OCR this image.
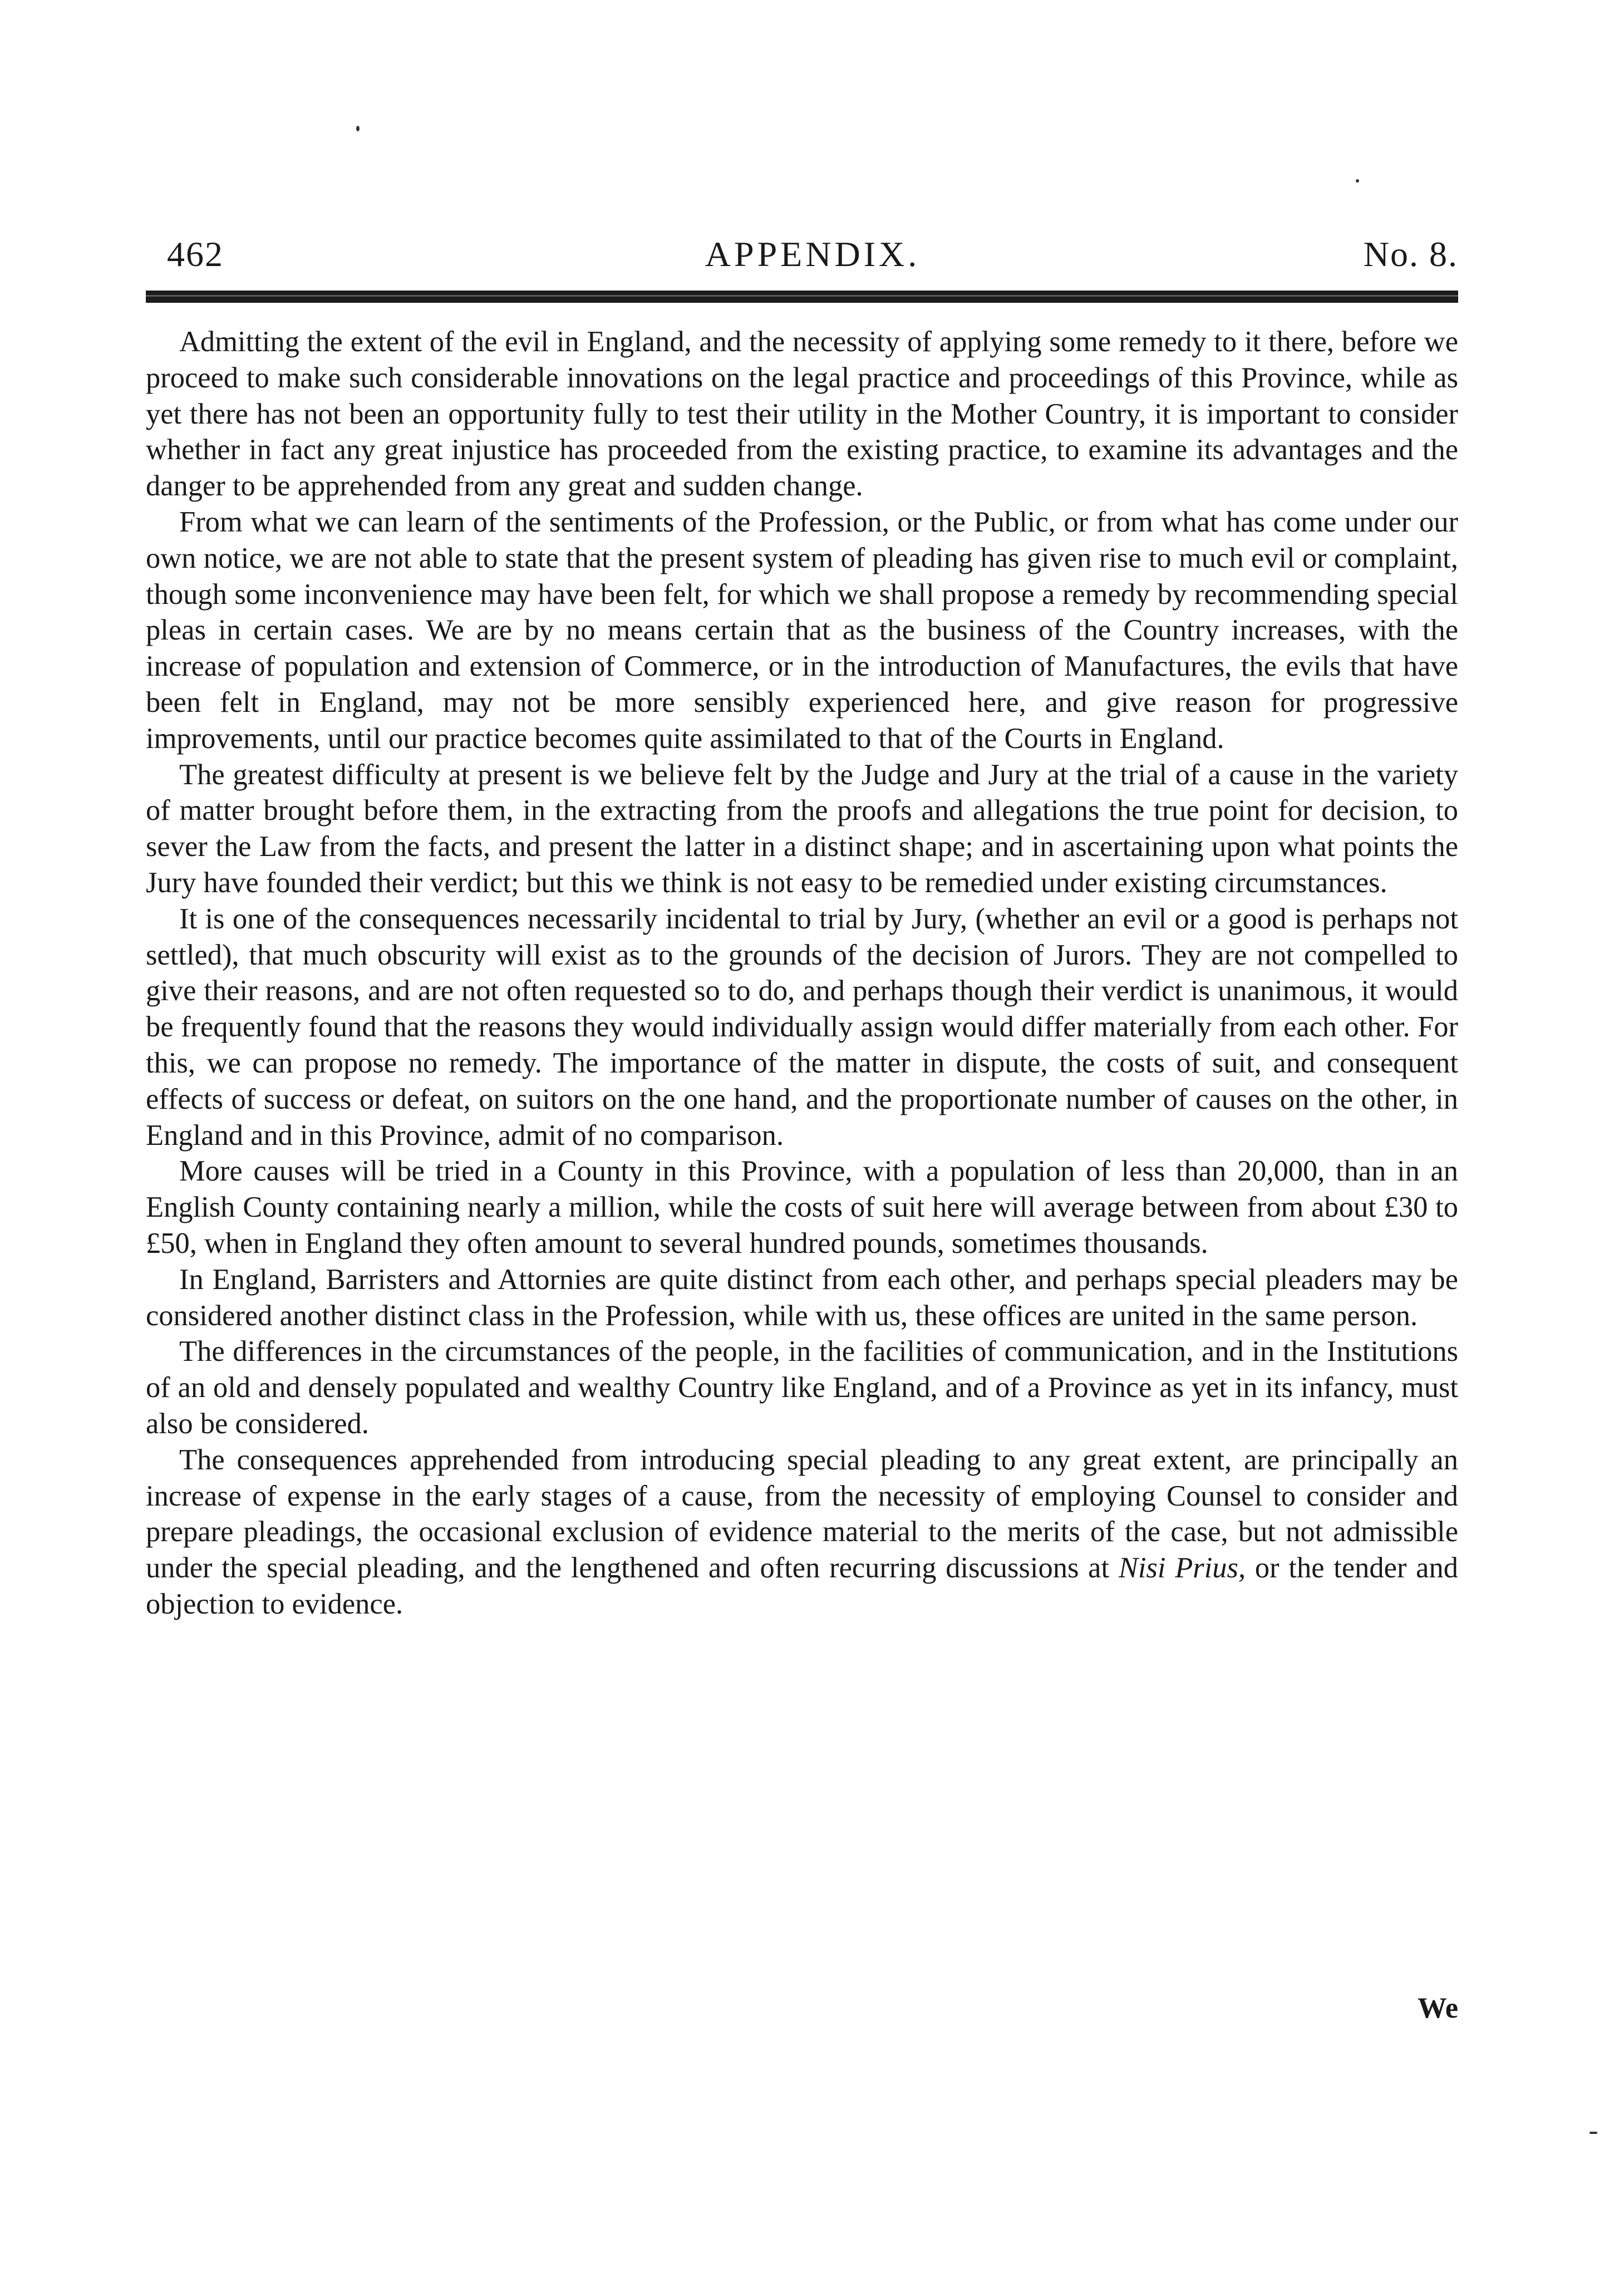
462	APPENDIX.	No. 8.

Admitting the extent of the evil in England, and the necessity of applying some remedy to it there, before we proceed to make such considerable innovations on the legal practice and proceedings of this Province, while as yet there has not been an opportunity fully to test their utility in the Mother Country, it is important to consider whether in fact any great injustice has proceeded from the existing practice, to examine its advantages and the danger to be apprehended from any great and sudden change.

From what we can learn of the sentiments of the Profession, or the Public, or from what has come under our own notice, we are not able to state that the present system of pleading has given rise to much evil or complaint, though some inconvenience may have been felt, for which we shall propose a remedy by recommending special pleas in certain cases. We are by no means certain that as the business of the Country increases, with the increase of population and extension of Commerce, or in the introduction of Manufactures, the evils that have been felt in England, may not be more sensibly experienced here, and give reason for progressive improvements, until our practice becomes quite assimilated to that of the Courts in England.

The greatest difficulty at present is we believe felt by the Judge and Jury at the trial of a cause in the variety of matter brought before them, in the extracting from the proofs and allegations the true point for decision, to sever the Law from the facts, and present the latter in a distinct shape; and in ascertaining upon what points the Jury have founded their verdict; but this we think is not easy to be remedied under existing circumstances.

It is one of the consequences necessarily incidental to trial by Jury, (whether an evil or a good is perhaps not settled), that much obscurity will exist as to the grounds of the decision of Jurors. They are not compelled to give their reasons, and are not often requested so to do, and perhaps though their verdict is unanimous, it would be frequently found that the reasons they would individually assign would differ materially from each other. For this, we can propose no remedy. The importance of the matter in dispute, the costs of suit, and consequent effects of success or defeat, on suitors on the one hand, and the proportionate number of causes on the other, in England and in this Province, admit of no comparison.

More causes will be tried in a County in this Province, with a population of less than 20,000, than in an English County containing nearly a million, while the costs of suit here will average between from about £30 to £50, when in England they often amount to several hundred pounds, sometimes thousands.

In England, Barristers and Attornies are quite distinct from each other, and perhaps special pleaders may be considered another distinct class in the Profession, while with us, these offices are united in the same person.

The differences in the circumstances of the people, in the facilities of communication, and in the Institutions of an old and densely populated and wealthy Country like England, and of a Province as yet in its infancy, must also be considered.

The consequences apprehended from introducing special pleading to any great extent, are principally an increase of expense in the early stages of a cause, from the necessity of employing Counsel to consider and prepare pleadings, the occasional exclusion of evidence material to the merits of the case, but not admissible under the special pleading, and the lengthened and often recurring discussions at Nisi Prius, or the tender and objection to evidence.

We
